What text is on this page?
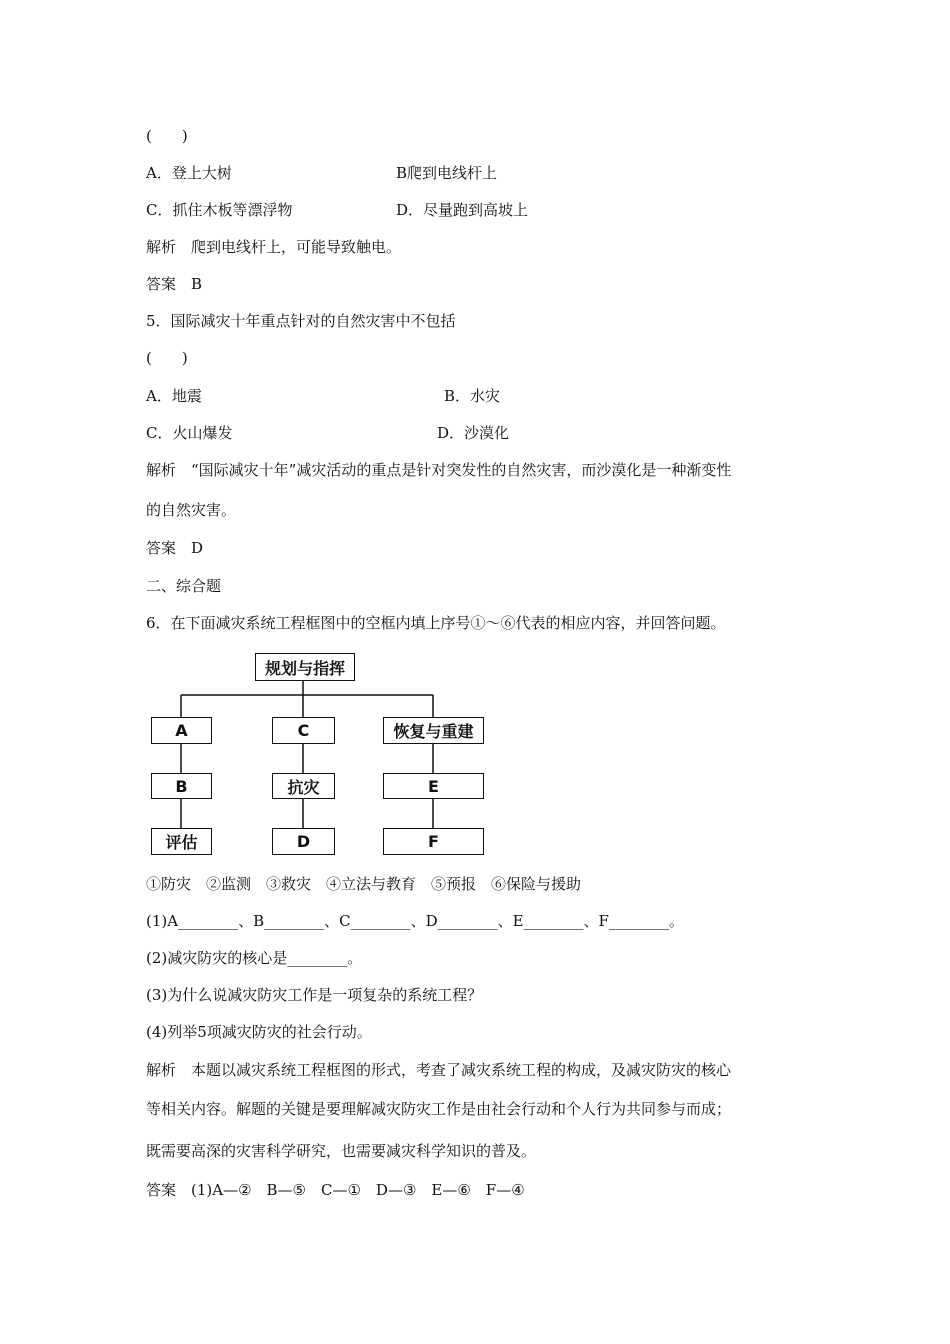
(　　)
A．登上大树	B爬到电线杆上
C．抓住木板等漂浮物	D．尽量跑到高坡上
解析　爬到电线杆上，可能导致触电。
答案　B
5．国际减灾十年重点针对的自然灾害中不包括
(　　)
A．地震	B．水灾
C．火山爆发	D．沙漠化
解析　“国际减灾十年”减灾活动的重点是针对突发性的自然灾害，而沙漠化是一种渐变性
的自然灾害。
答案　D
二、综合题
6．在下面减灾系统工程框图中的空框内填上序号①～⑥代表的相应内容，并回答问题。
规划与指挥
A
B
评估
C
抗灾
D
恢复与重建
E
F
①防灾　②监测　③救灾　④立法与教育　⑤预报　⑥保险与援助
(1)A________、B________、C________、D________、E________、F________。
(2)减灾防灾的核心是________。
(3)为什么说减灾防灾工作是一项复杂的系统工程？
(4)列举5项减灾防灾的社会行动。
解析　本题以减灾系统工程框图的形式，考查了减灾系统工程的构成，及减灾防灾的核心
等相关内容。解题的关键是要理解减灾防灾工作是由社会行动和个人行为共同参与而成；
既需要高深的灾害科学研究，也需要减灾科学知识的普及。
答案　(1)A—②　B—⑤　C—①　D—③　E—⑥　F—④
